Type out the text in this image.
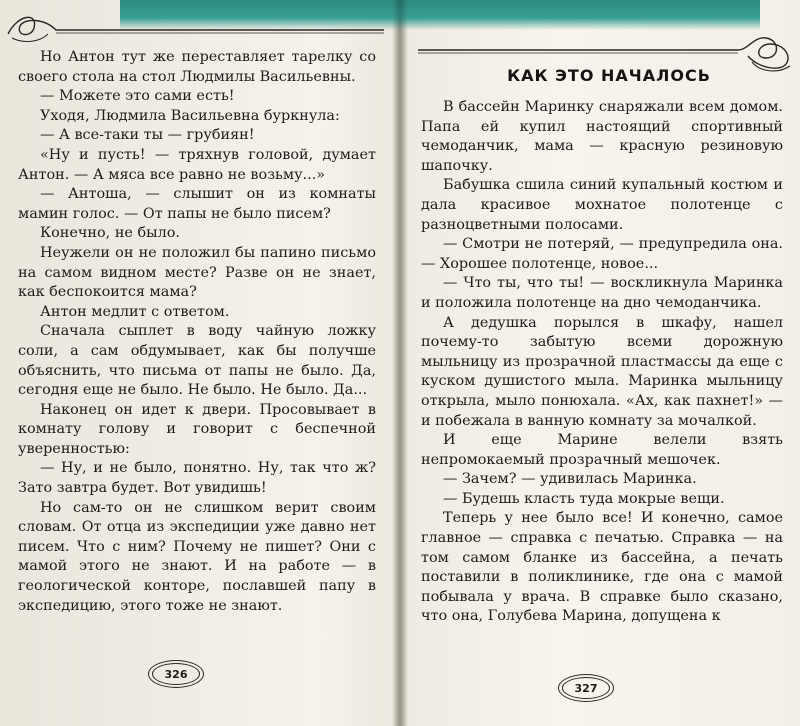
Но Антон тут же переставляет тарелку со своего стола на стол Людмилы Васильевны.

— Можете это сами есть!

Уходя, Людмила Васильевна буркнула:

— А все-таки ты — грубиян!

«Ну и пусть! — тряхнув головой, думает Антон. — А мяса все равно не возьму...»

— Антоша, — слышит он из комнаты мамин голос. — От папы не было писем?

Конечно, не было.

Неужели он не положил бы папино письмо на самом видном месте? Разве он не знает, как беспокоится мама?

Антон медлит с ответом.

Сначала сыплет в воду чайную ложку соли, а сам обдумывает, как бы получше объяснить, что письма от папы не было. Да, сегодня еще не было. Не было. Не было. Да...

Наконец он идет к двери. Просовывает в комнату голову и говорит с беспечной уверенностью:

— Ну, и не было, понятно. Ну, так что ж? Зато завтра будет. Вот увидишь!

Но сам-то он не слишком верит своим словам. От отца из экспедиции уже давно нет писем. Что с ним? Почему не пишет? Они с мамой этого не знают. И на работе — в геологической конторе, пославшей папу в экспедицию, этого тоже не знают.

326
КАК ЭТО НАЧАЛОСЬ

В бассейн Маринку снаряжали всем домом. Папа ей купил настоящий спортивный чемоданчик, мама — красную резиновую шапочку.

Бабушка сшила синий купальный костюм и дала красивое мохнатое полотенце с разноцветными полосами.

— Смотри не потеряй, — предупредила она. — Хорошее полотенце, новое...

— Что ты, что ты! — воскликнула Маринка и положила полотенце на дно чемоданчика.

А дедушка порылся в шкафу, нашел почему-то забытую всеми дорожную мыльницу из прозрачной пластмассы да еще с куском душистого мыла. Маринка мыльницу открыла, мыло понюхала. «Ах, как пахнет!» — и побежала в ванную комнату за мочалкой.

И еще Марине велели взять непромокаемый прозрачный мешочек.

— Зачем? — удивилась Маринка.

— Будешь класть туда мокрые вещи.

Теперь у нее было все! И конечно, самое главное — справка с печатью. Справка — на том самом бланке из бассейна, а печать поставили в поликлинике, где она с мамой побывала у врача. В справке было сказано, что она, Голубева Марина, допущена к

327
